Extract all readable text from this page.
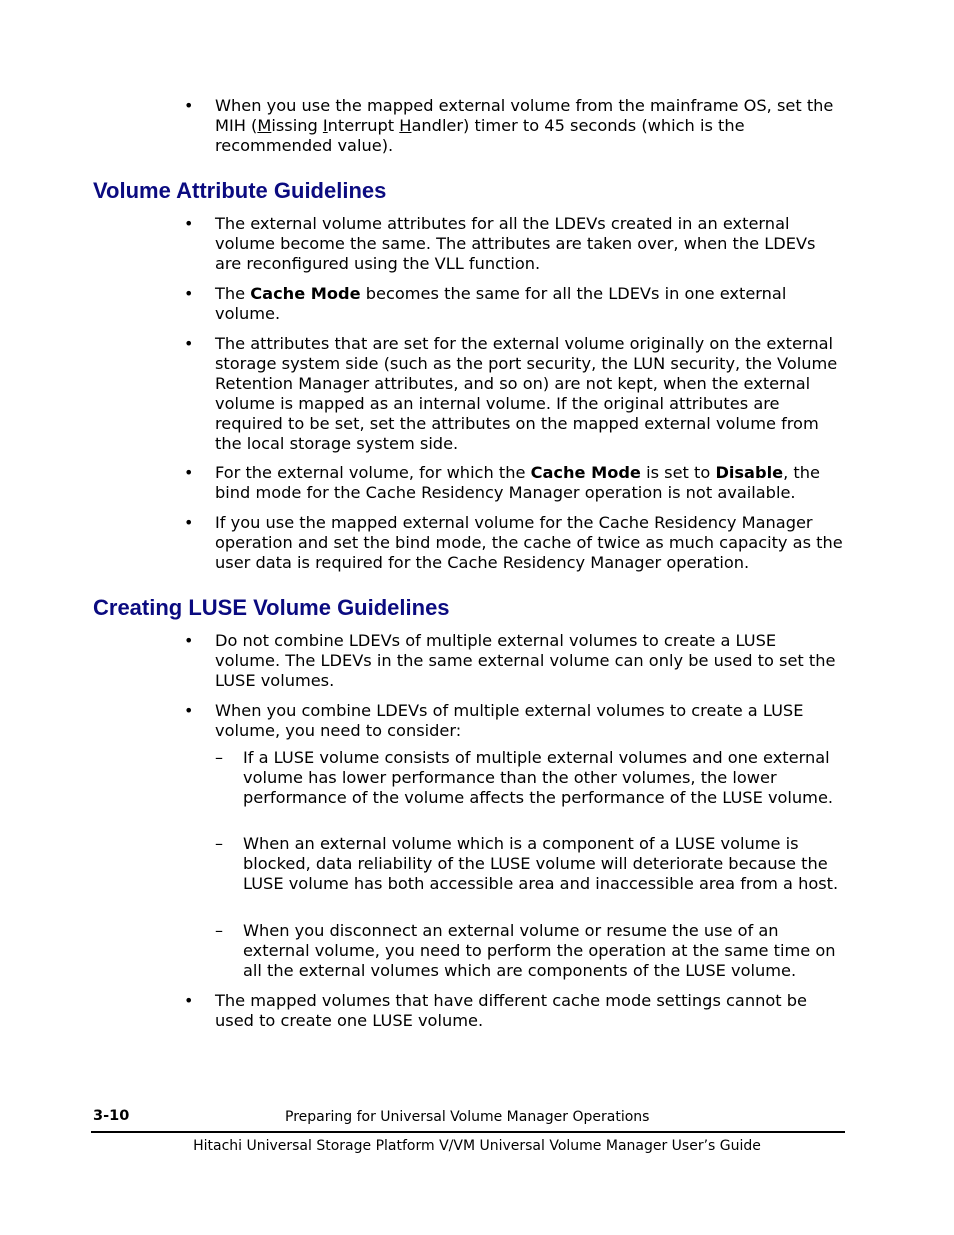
• When you use the mapped external volume from the mainframe OS, set the MIH (Missing Interrupt Handler) timer to 45 seconds (which is the recommended value).
Volume Attribute Guidelines
• The external volume attributes for all the LDEVs created in an external volume become the same. The attributes are taken over, when the LDEVs are reconfigured using the VLL function.
• The Cache Mode becomes the same for all the LDEVs in one external volume.
• The attributes that are set for the external volume originally on the external storage system side (such as the port security, the LUN security, the Volume Retention Manager attributes, and so on) are not kept, when the external volume is mapped as an internal volume. If the original attributes are required to be set, set the attributes on the mapped external volume from the local storage system side.
• For the external volume, for which the Cache Mode is set to Disable, the bind mode for the Cache Residency Manager operation is not available.
• If you use the mapped external volume for the Cache Residency Manager operation and set the bind mode, the cache of twice as much capacity as the user data is required for the Cache Residency Manager operation.
Creating LUSE Volume Guidelines
• Do not combine LDEVs of multiple external volumes to create a LUSE volume. The LDEVs in the same external volume can only be used to set the LUSE volumes.
• When you combine LDEVs of multiple external volumes to create a LUSE volume, you need to consider:
– If a LUSE volume consists of multiple external volumes and one external volume has lower performance than the other volumes, the lower performance of the volume affects the performance of the LUSE volume.
– When an external volume which is a component of a LUSE volume is blocked, data reliability of the LUSE volume will deteriorate because the LUSE volume has both accessible area and inaccessible area from a host.
– When you disconnect an external volume or resume the use of an external volume, you need to perform the operation at the same time on all the external volumes which are components of the LUSE volume.
• The mapped volumes that have different cache mode settings cannot be used to create one LUSE volume.
3-10	Preparing for Universal Volume Manager Operations
Hitachi Universal Storage Platform V/VM Universal Volume Manager User’s Guide
